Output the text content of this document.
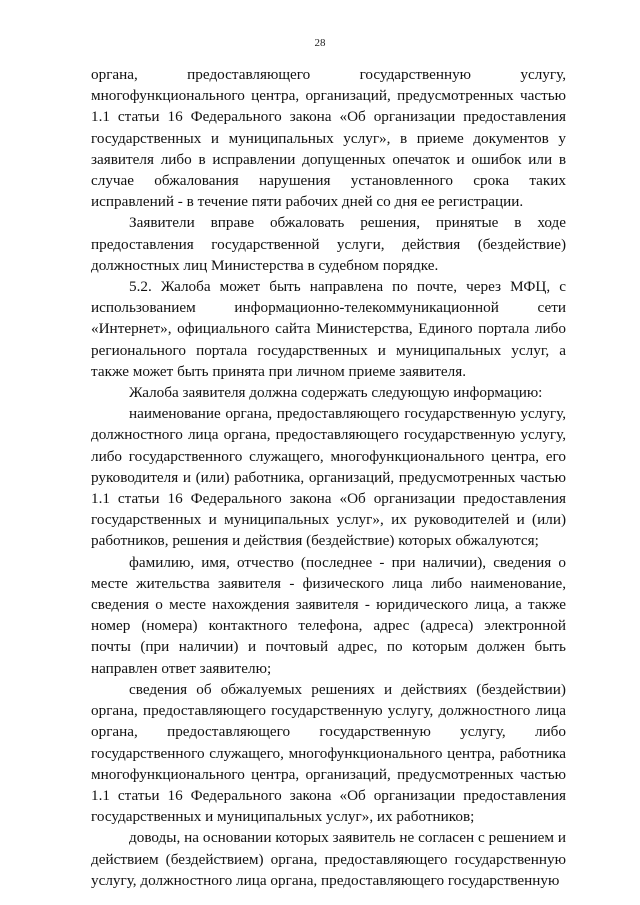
28

органа, предоставляющего государственную услугу, многофункционального центра, организаций, предусмотренных частью 1.1 статьи 16 Федерального закона «Об организации предоставления государственных и муниципальных услуг», в приеме документов у заявителя либо в исправлении допущенных опечаток и ошибок или в случае обжалования нарушения установленного срока таких исправлений - в течение пяти рабочих дней со дня ее регистрации.

Заявители вправе обжаловать решения, принятые в ходе предоставления государственной услуги, действия (бездействие) должностных лиц Министерства в судебном порядке.

5.2. Жалоба может быть направлена по почте, через МФЦ, с использованием информационно-телекоммуникационной сети «Интернет», официального сайта Министерства, Единого портала либо регионального портала государственных и муниципальных услуг, а также может быть принята при личном приеме заявителя.

Жалоба заявителя должна содержать следующую информацию:

наименование органа, предоставляющего государственную услугу, должностного лица органа, предоставляющего государственную услугу, либо государственного служащего, многофункционального центра, его руководителя и (или) работника, организаций, предусмотренных частью 1.1 статьи 16 Федерального закона «Об организации предоставления государственных и муниципальных услуг», их руководителей и (или) работников, решения и действия (бездействие) которых обжалуются;

фамилию, имя, отчество (последнее - при наличии), сведения о месте жительства заявителя - физического лица либо наименование, сведения о месте нахождения заявителя - юридического лица, а также номер (номера) контактного телефона, адрес (адреса) электронной почты (при наличии) и почтовый адрес, по которым должен быть направлен ответ заявителю;

сведения об обжалуемых решениях и действиях (бездействии) органа, предоставляющего государственную услугу, должностного лица органа, предоставляющего государственную услугу, либо государственного служащего, многофункционального центра, работника многофункционального центра, организаций, предусмотренных частью 1.1 статьи 16 Федерального закона «Об организации предоставления государственных и муниципальных услуг», их работников;

доводы, на основании которых заявитель не согласен с решением и действием (бездействием) органа, предоставляющего государственную услугу, должностного лица органа, предоставляющего государственную
